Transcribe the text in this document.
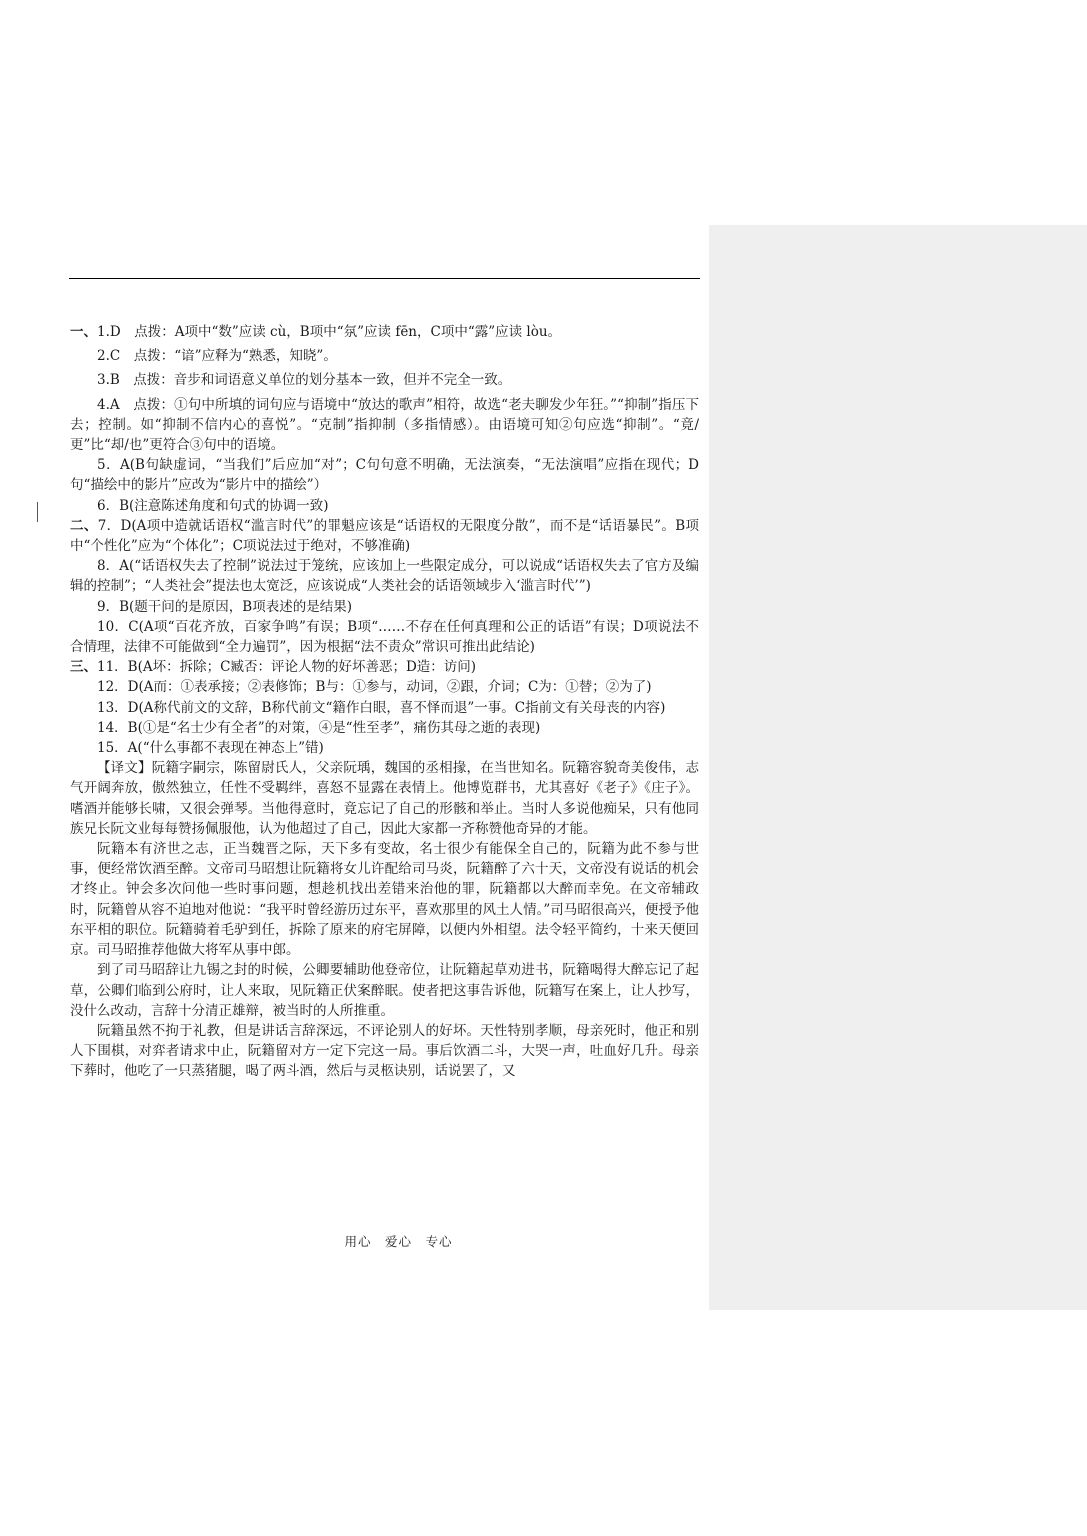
一、1.D　点拨：A项中“数”应读 cù，B项中“氛”应读 fēn，C项中“露”应读 lòu。

2.C　点拨：“谙”应释为“熟悉，知晓”。

3.B　点拨：音步和词语意义单位的划分基本一致，但并不完全一致。

4.A　点拨：①句中所填的词句应与语境中“放达的歌声”相符，故选“老夫聊发少年狂。”“抑制”指压下去；控制。如“抑制不信内心的喜悦”。“克制”指抑制（多指情感）。由语境可知②句应选“抑制”。“竟/更”比“却/也”更符合③句中的语境。

5．A(B句缺虚词，“当我们”后应加“对”；C句句意不明确，无法演奏，“无法演唱”应指在现代；D句“描绘中的影片”应改为“影片中的描绘”）

6．B(注意陈述角度和句式的协调一致)

二、7．D(A项中造就话语权“滥言时代”的罪魁应该是“话语权的无限度分散”，而不是“话语暴民”。B项中“个性化”应为“个体化”；C项说法过于绝对，不够准确)

8．A(“话语权失去了控制”说法过于笼统，应该加上一些限定成分，可以说成“话语权失去了官方及编辑的控制”；“人类社会”提法也太宽泛，应该说成“人类社会的话语领域步入‘滥言时代’”)

9．B(题干问的是原因，B项表述的是结果)

10．C(A项“百花齐放，百家争鸣”有误；B项“……不存在任何真理和公正的话语”有误；D项说法不合情理，法律不可能做到“全力遍罚”，因为根据“法不责众”常识可推出此结论)

三、11．B(A坏：拆除；C臧否：评论人物的好坏善恶；D造：访问)

12．D(A而：①表承接；②表修饰；B与：①参与，动词，②跟，介词；C为：①替；②为了)

13．D(A称代前文的文辞，B称代前文“籍作白眼，喜不怿而退”一事。C指前文有关母丧的内容)

14．B(①是“名士少有全者”的对策，④是“性至孝”，痛伤其母之逝的表现)

15．A(“什么事都不表现在神态上”错)

【译文】阮籍字嗣宗，陈留尉氏人，父亲阮瑀，魏国的丞相掾，在当世知名。阮籍容貌奇美俊伟，志气开阔奔放，傲然独立，任性不受羁绊，喜怒不显露在表情上。他博览群书，尤其喜好《老子》《庄子》。嗜酒并能够长啸，又很会弹琴。当他得意时，竟忘记了自己的形骸和举止。当时人多说他痴呆，只有他同族兄长阮文业每每赞扬佩服他，认为他超过了自己，因此大家都一齐称赞他奇异的才能。

阮籍本有济世之志，正当魏晋之际，天下多有变故，名士很少有能保全自己的，阮籍为此不参与世事，便经常饮酒至醉。文帝司马昭想让阮籍将女儿许配给司马炎，阮籍醉了六十天，文帝没有说话的机会才终止。钟会多次问他一些时事问题，想趁机找出差错来治他的罪，阮籍都以大醉而幸免。在文帝辅政时，阮籍曾从容不迫地对他说：“我平时曾经游历过东平，喜欢那里的风土人情。”司马昭很高兴，便授予他东平相的职位。阮籍骑着毛驴到任，拆除了原来的府宅屏障，以便内外相望。法令轻平简约，十来天便回京。司马昭推荐他做大将军从事中郎。

到了司马昭辞让九锡之封的时候，公卿要辅助他登帝位，让阮籍起草劝进书，阮籍喝得大醉忘记了起草，公卿们临到公府时，让人来取，见阮籍正伏案醉眠。使者把这事告诉他，阮籍写在案上，让人抄写，没什么改动，言辞十分清正雄辩，被当时的人所推重。

阮籍虽然不拘于礼教，但是讲话言辞深远，不评论别人的好坏。天性特别孝顺，母亲死时，他正和别人下围棋，对弈者请求中止，阮籍留对方一定下完这一局。事后饮酒二斗，大哭一声，吐血好几升。母亲下葬时，他吃了一只蒸猪腿，喝了两斗酒，然后与灵柩诀别，话说罢了，又

用心　爱心　专心
